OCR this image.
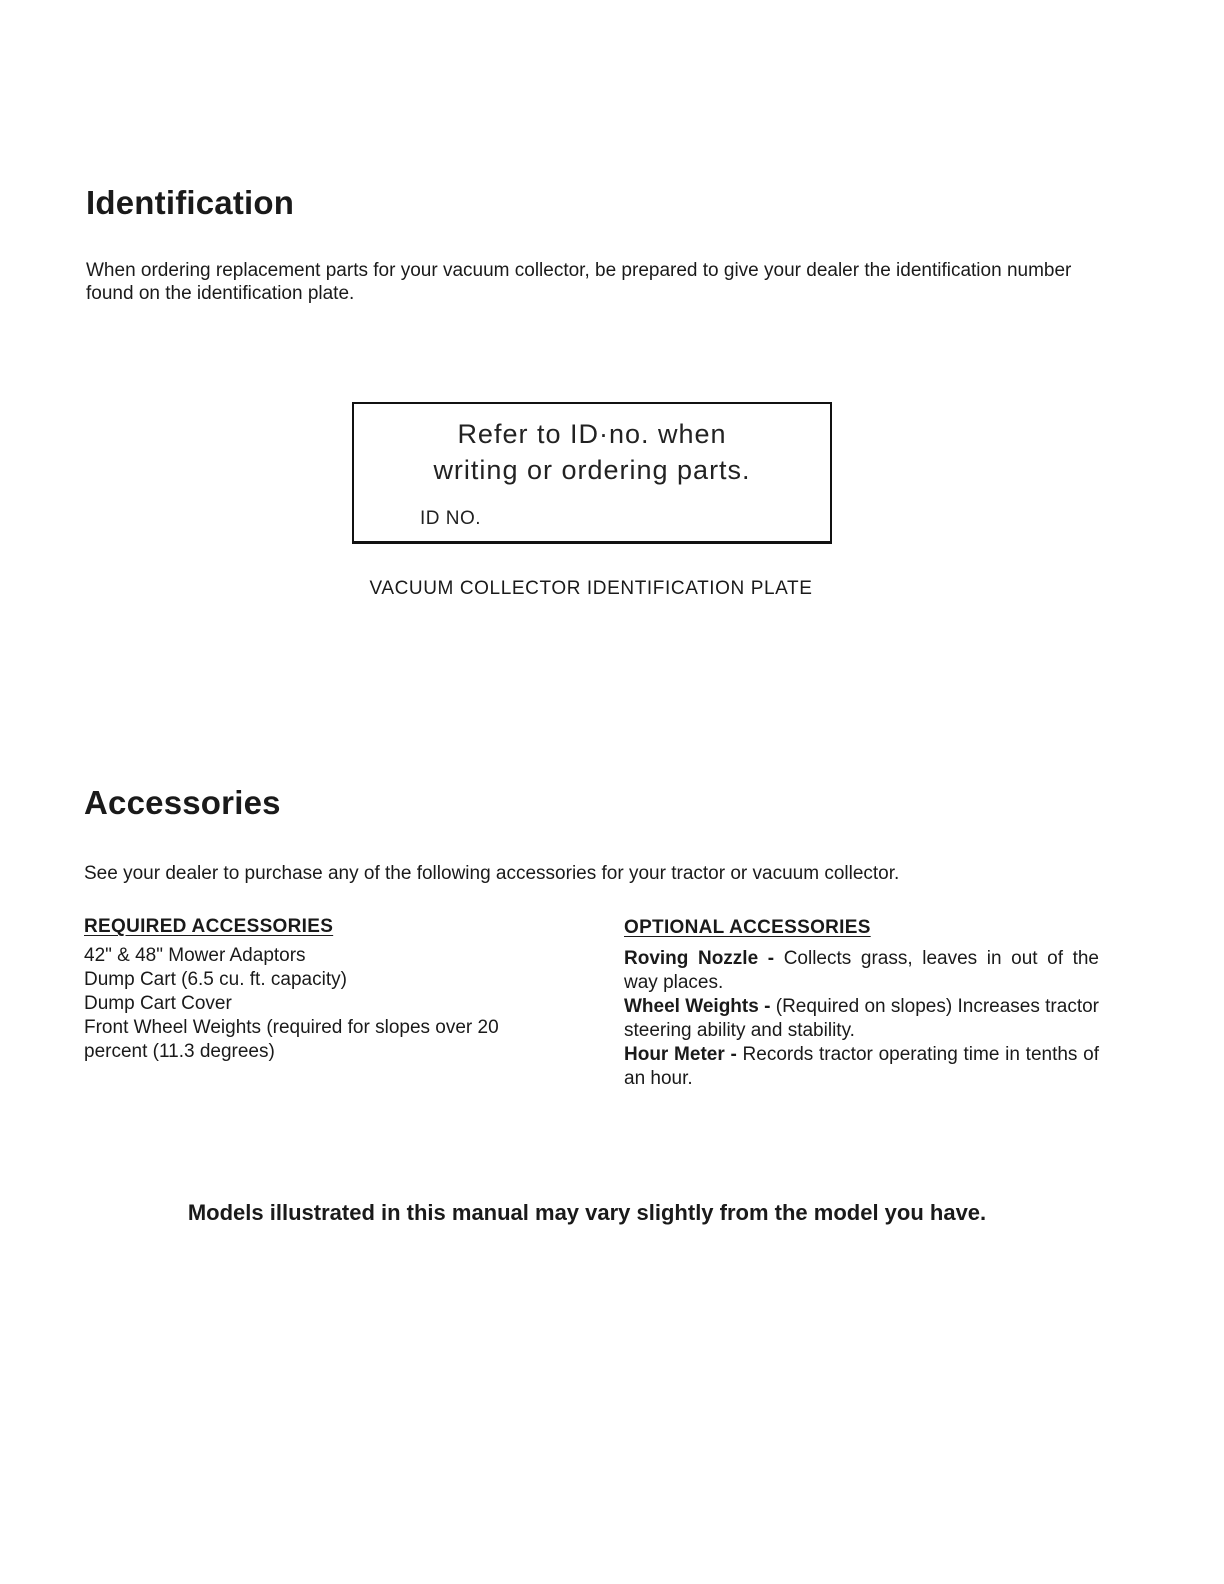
Identification

When ordering replacement parts for your vacuum collector, be prepared to give your dealer the identification number found on the identification plate.

Refer to ID·no. when
writing or ordering parts.
ID NO.
VACUUM COLLECTOR IDENTIFICATION PLATE
Accessories

See your dealer to purchase any of the following accessories for your tractor or vacuum collector.

REQUIRED ACCESSORIES
42" & 48" Mower Adaptors
Dump Cart (6.5 cu. ft. capacity)
Dump Cart Cover
Front Wheel Weights (required for slopes over 20
percent (11.3 degrees)
OPTIONAL ACCESSORIES

Roving Nozzle - Collects grass, leaves in out of the way places.

Wheel Weights - (Required on slopes) Increases tractor steering ability and stability.

Hour Meter - Records tractor operating time in tenths of an hour.

Models illustrated in this manual may vary slightly from the model you have.
